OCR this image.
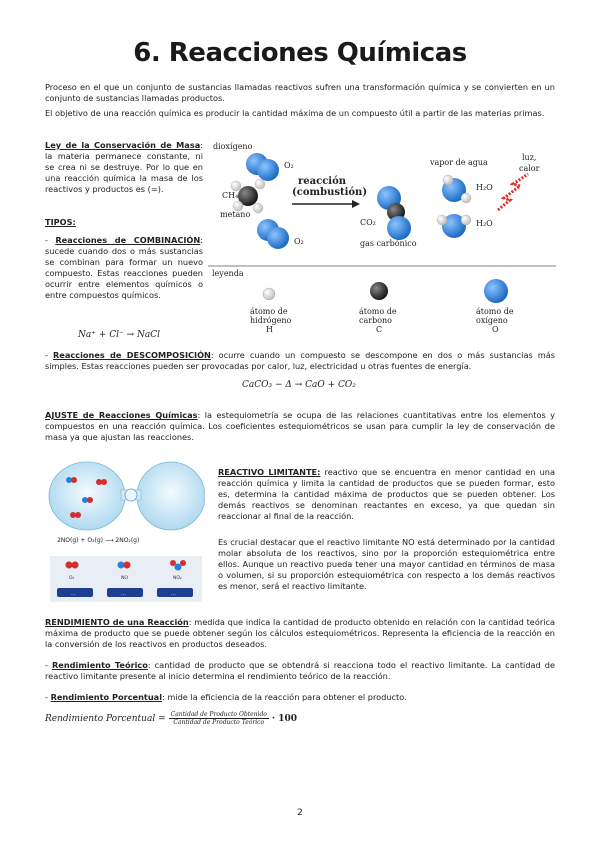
6. Reacciones Químicas
Proceso en el que un conjunto de sustancias llamadas reactivos sufren una transformación química y se convierten en un conjunto de sustancias llamadas productos.
El objetivo de una reacción química es producir la cantidad máxima de un compuesto útil a partir de las materias primas.
Ley de la Conservación de Masa: la materia permanece constante, ni se crea ni se destruye. Por lo que en una reacción química la masa de los reactivos y productos es (=).
TIPOS:
- Reacciones de COMBINACIÓN: sucede cuando dos o más sustancias se combinan para formar un nuevo compuesto. Estas reacciones pueden ocurrir entre elementos químicos o entre compuestos químicos.
Na⁺ + Cl⁻ → NaCl
dioxígeno
O₂
reacción
(combustión)
vapor de agua
luz,
calor
CH₄
metano
O₂
CO₂
gas carbónico
H₂O
H₂O
leyenda
átomo de
hidrógeno
H
átomo de
carbono
C
átomo de
oxígeno
O
- Reacciones de DESCOMPOSICIÓN: ocurre cuando un compuesto se descompone en dos o más sustancias más simples. Estas reacciones pueden ser provocadas por calor, luz, electricidad u otras fuentes de energía.
CaCO₃ − Δ → CaO + CO₂
AJUSTE de Reacciones Químicas: la estequiometría se ocupa de las relaciones cuantitativas entre los elementos y compuestos en una reacción química. Los coeficientes estequiométricos se usan para cumplir la ley de conservación de masa ya que ajustan las reacciones.
2NO(g) + O₂(g) ⟶ 2NO₂(g)
O₂	NO	NO₂
…	…	…
REACTIVO LIMITANTE: reactivo que se encuentra en menor cantidad en una reacción química y limita la cantidad de productos que se pueden formar, esto es, determina la cantidad máxima de productos que se pueden obtener. Los demás reactivos se denominan reactantes en exceso, ya que quedan sin reaccionar al final de la reacción.
Es crucial destacar que el reactivo limitante NO está determinado por la cantidad molar absoluta de los reactivos, sino por la proporción estequiométrica entre ellos. Aunque un reactivo pueda tener una mayor cantidad en términos de masa o volumen, si su proporción estequiométrica con respecto a los demás reactivos es menor, será el reactivo limitante.
RENDIMIENTO de una Reacción: medida que indica la cantidad de producto obtenido en relación con la cantidad teórica máxima de producto que se puede obtener según los cálculos estequiométricos. Representa la eficiencia de la reacción en la conversión de los reactivos en productos deseados.
- Rendimiento Teórico: cantidad de producto que se obtendrá si reacciona todo el reactivo limitante. La cantidad de reactivo limitante presente al inicio determina el rendimiento teórico de la reacción.
- Rendimiento Porcentual: mide la eficiencia de la reacción para obtener el producto.
Rendimiento Porcentual = $\frac{\text{Cantidad de Producto Obtenido}}{\text{Cantidad de Producto Teórico}} \cdot 100$
2
